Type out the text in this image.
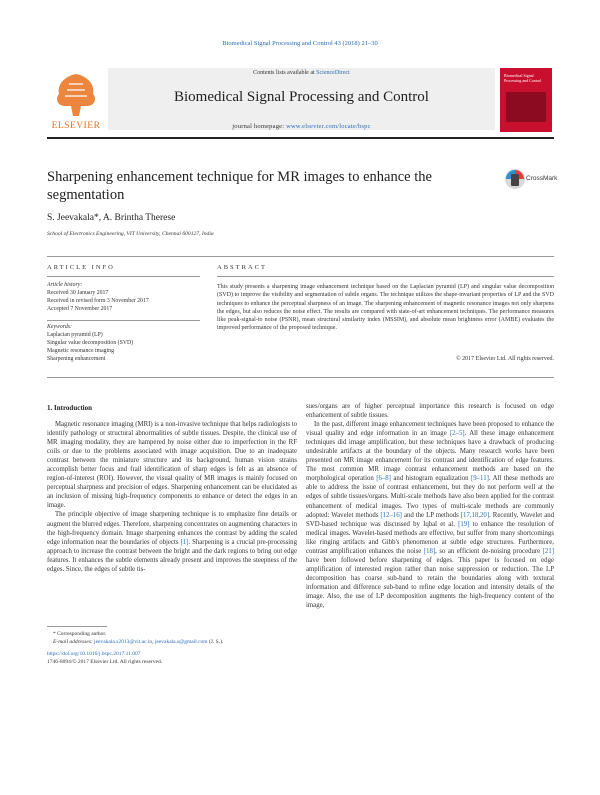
Biomedical Signal Processing and Control 43 (2018) 21–30
ELSEVIER
Contents lists available at ScienceDirect
Biomedical Signal Processing and Control
journal homepage: www.elsevier.com/locate/bspc
Biomedical Signal Processing and Control
Sharpening enhancement technique for MR images to enhance the segmentation
CrossMark
S. Jeevakala*, A. Brintha Therese
School of Electronics Engineering, VIT University, Chennai 600127, India
ARTICLE INFO
Article history:
Received 30 January 2017
Received in revised form 3 November 2017
Accepted 7 November 2017
Keywords:
Laplacian pyramid (LP)
Singular value decomposition (SVD)
Magnetic resonance imaging
Sharpening enhancement
ABSTRACT
This study presents a sharpening image enhancement technique based on the Laplacian pyramid (LP) and singular value decomposition (SVD) to improve the visibility and segmentation of subtle organs. The technique utilizes the shape-invariant properties of LP and the SVD techniques to enhance the perceptual sharpness of an image. The sharpening enhancement of magnetic resonance images not only sharpens the edges, but also reduces the noise effect. The results are compared with state-of-art enhancement techniques. The performance measures like peak-signal-to noise (PSNR), mean structural similarity index (MSSIM), and absolute mean brightness error (AMBE) evaluates the improved performance of the proposed technique.
© 2017 Elsevier Ltd. All rights reserved.
1. Introduction
Magnetic resonance imaging (MRI) is a non-invasive technique that helps radiologists to identify pathology or structural abnormalities of subtle tissues. Despite, the clinical use of MR imaging modality, they are hampered by noise either due to imperfection in the RF coils or due to the problems associated with image acquisition. Due to an inadequate contrast between the miniature structure and its background, human vision strains accomplish better focus and frail identification of sharp edges is felt as an absence of region-of-interest (ROI). However, the visual quality of MR images is mainly focused on perceptual sharpness and precision of edges. Sharpening enhancement can be elucidated as an inclusion of missing high-frequency components to enhance or detect the edges in an image.
The principle objective of image sharpening technique is to emphasize fine details or augment the blurred edges. Therefore, sharpening concentrates on augmenting characters in the high-frequency domain. Image sharpening enhances the contrast by adding the scaled edge information near the boundaries of objects [1]. Sharpening is a crucial pre-processing approach to increase the contrast between the bright and the dark regions to bring out edge features. It enhances the subtle elements already present and improves the steepness of the edges. Since, the edges of subtle tis-
sues/organs are of higher perceptual importance this research is focused on edge enhancement of subtle tissues.
In the past, different image enhancement techniques have been proposed to enhance the visual quality and edge information in an image [2–5]. All these image enhancement techniques did image amplification, but these techniques have a drawback of producing undesirable artifacts at the boundary of the objects. Many research works have been presented on MR image enhancement for its contrast and identification of edge features. The most common MR image contrast enhancement methods are based on the morphological operation [6–8] and histogram equalization [9–11]. All these methods are able to address the issue of contrast enhancement, but they do not perform well at the edges of subtle tissues/organs. Multi-scale methods have also been applied for the contrast enhancement of medical images. Two types of multi-scale methods are commonly adopted: Wavelet methods [12–16] and the LP methods [17,18,20]. Recently, Wavelet and SVD-based technique was discussed by Iqbal et al. [19] to enhance the resolution of medical images. Wavelet-based methods are effective, but suffer from many shortcomings like ringing artifacts and Gibb's phenomenon at subtle edge structures. Furthermore, contrast amplification enhances the noise [18], so an efficient de-noising procedure [21] have been followed before sharpening of edges. This paper is focused on edge amplification of interested region rather than noise suppression or reduction. The LP decomposition has coarse sub-band to retain the boundaries along with textural information and difference sub-band to refine edge location and intensity details of the image. Also, the use of LP decomposition augments the high-frequency content of the image,
* Corresponding author.
E-mail addresses: jeevakala.s2013@vit.ac.in, jeevakala.s@gmail.com (J. S.).
https://doi.org/10.1016/j.bspc.2017.11.007
1746-8094/© 2017 Elsevier Ltd. All rights reserved.
